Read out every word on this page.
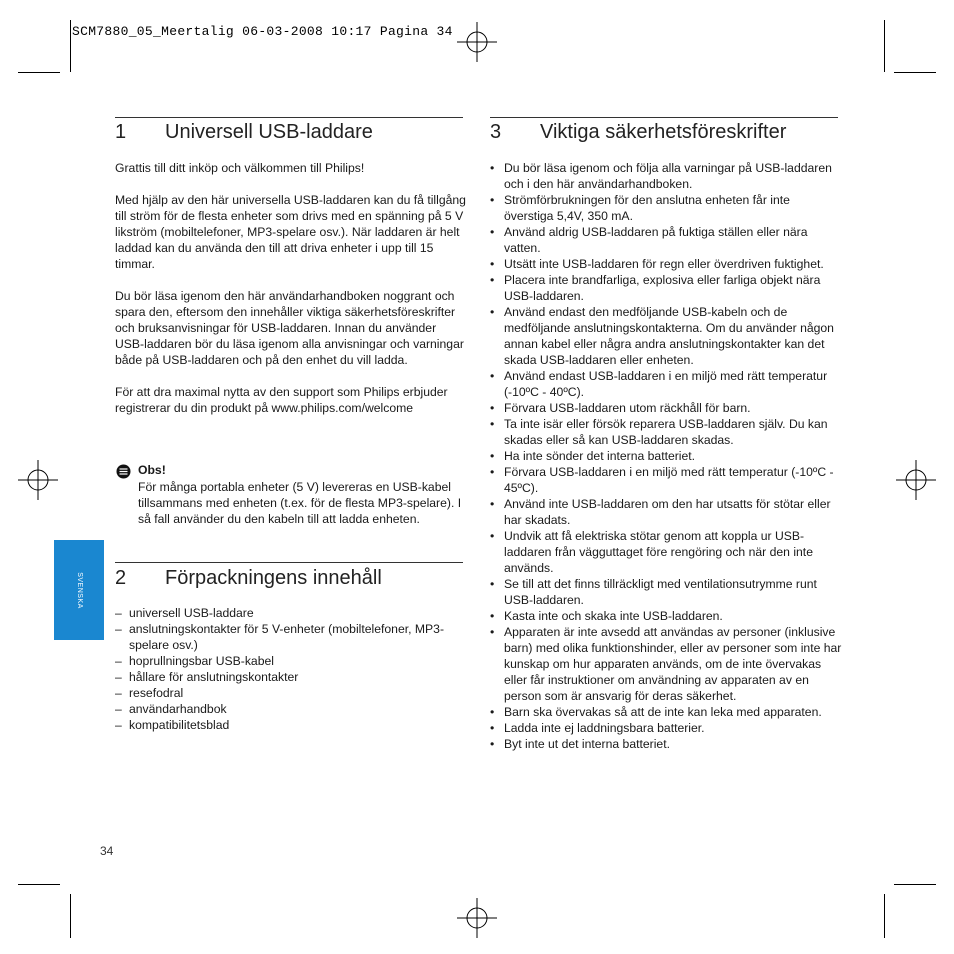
SCM7880_05_Meertalig 06-03-2008 10:17 Pagina 34
SVENSKA
1 Universell USB-laddare

Grattis till ditt inköp och välkommen till Philips!

Med hjälp av den här universella USB-laddaren kan du få tillgång till ström för de flesta enheter som drivs med en spänning på 5 V likström (mobiltelefoner, MP3-spelare osv.). När laddaren är helt laddad kan du använda den till att driva enheter i upp till 15 timmar.

Du bör läsa igenom den här användarhandboken noggrant och spara den, eftersom den innehåller viktiga säkerhetsföreskrifter och bruksanvisningar för USB-laddaren. Innan du använder USB-laddaren bör du läsa igenom alla anvisningar och varningar både på USB-laddaren och på den enhet du vill ladda.

För att dra maximal nytta av den support som Philips erbjuder registrerar du din produkt på www.philips.com/welcome

Obs!
För många portabla enheter (5 V) levereras en USB-kabel tillsammans med enheten (t.ex. för de flesta MP3-spelare). I så fall använder du den kabeln till att ladda enheten.
2 Förpackningens innehåll
– universell USB-laddare
– anslutningskontakter för 5 V-enheter (mobiltelefoner, MP3-spelare osv.)
– hoprullningsbar USB-kabel
– hållare för anslutningskontakter
– resefodral
– användarhandbok
– kompatibilitetsblad
3 Viktiga säkerhetsföreskrifter
• Du bör läsa igenom och följa alla varningar på USB-laddaren och i den här användarhandboken.
• Strömförbrukningen för den anslutna enheten får inte överstiga 5,4V, 350 mA.
• Använd aldrig USB-laddaren på fuktiga ställen eller nära vatten.
• Utsätt inte USB-laddaren för regn eller överdriven fuktighet.
• Placera inte brandfarliga, explosiva eller farliga objekt nära USB-laddaren.
• Använd endast den medföljande USB-kabeln och de medföljande anslutningskontakterna. Om du använder någon annan kabel eller några andra anslutningskontakter kan det skada USB-laddaren eller enheten.
• Använd endast USB-laddaren i en miljö med rätt temperatur (-10ºC - 40ºC).
• Förvara USB-laddaren utom räckhåll för barn.
• Ta inte isär eller försök reparera USB-laddaren själv. Du kan skadas eller så kan USB-laddaren skadas.
• Ha inte sönder det interna batteriet.
• Förvara USB-laddaren i en miljö med rätt temperatur (-10ºC - 45ºC).
• Använd inte USB-laddaren om den har utsatts för stötar eller har skadats.
• Undvik att få elektriska stötar genom att koppla ur USB-laddaren från vägguttaget före rengöring och när den inte används.
• Se till att det finns tillräckligt med ventilationsutrymme runt USB-laddaren.
• Kasta inte och skaka inte USB-laddaren.
• Apparaten är inte avsedd att användas av personer (inklusive barn) med olika funktionshinder, eller av personer som inte har kunskap om hur apparaten används, om de inte övervakas eller får instruktioner om användning av apparaten av en person som är ansvarig för deras säkerhet.
• Barn ska övervakas så att de inte kan leka med apparaten.
• Ladda inte ej laddningsbara batterier.
• Byt inte ut det interna batteriet.
34
